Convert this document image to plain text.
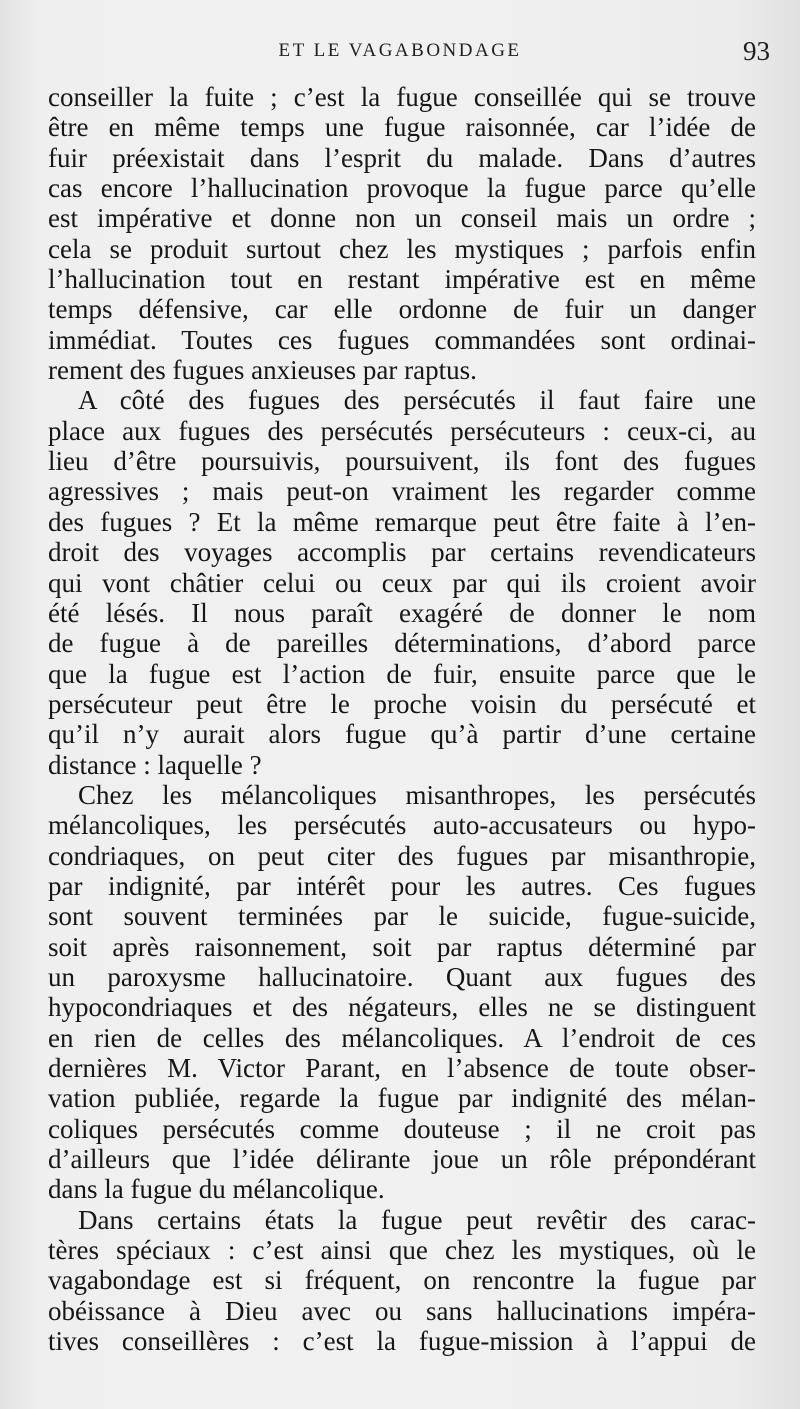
ET LE VAGABONDAGE	93

conseiller la fuite ; c’est la fugue conseillée qui se trouve
être en même temps une fugue raisonnée, car l’idée de
fuir préexistait dans l’esprit du malade. Dans d’autres
cas encore l’hallucination provoque la fugue parce qu’elle
est impérative et donne non un conseil mais un ordre ;
cela se produit surtout chez les mystiques ; parfois enfin
l’hallucination tout en restant impérative est en même
temps défensive, car elle ordonne de fuir un danger
immédiat. Toutes ces fugues commandées sont ordinai-
rement des fugues anxieuses par raptus.

A côté des fugues des persécutés il faut faire une
place aux fugues des persécutés persécuteurs : ceux-ci, au
lieu d’être poursuivis, poursuivent, ils font des fugues
agressives ; mais peut-on vraiment les regarder comme
des fugues ? Et la même remarque peut être faite à l’en-
droit des voyages accomplis par certains revendicateurs
qui vont châtier celui ou ceux par qui ils croient avoir
été lésés. Il nous paraît exagéré de donner le nom
de fugue à de pareilles déterminations, d’abord parce
que la fugue est l’action de fuir, ensuite parce que le
persécuteur peut être le proche voisin du persécuté et
qu’il n’y aurait alors fugue qu’à partir d’une certaine
distance : laquelle ?

Chez les mélancoliques misanthropes, les persécutés
mélancoliques, les persécutés auto-accusateurs ou hypo-
condriaques, on peut citer des fugues par misanthropie,
par indignité, par intérêt pour les autres. Ces fugues
sont souvent terminées par le suicide, fugue-suicide,
soit après raisonnement, soit par raptus déterminé par
un paroxysme hallucinatoire. Quant aux fugues des
hypocondriaques et des négateurs, elles ne se distinguent
en rien de celles des mélancoliques. A l’endroit de ces
dernières M. Victor Parant, en l’absence de toute obser-
vation publiée, regarde la fugue par indignité des mélan-
coliques persécutés comme douteuse ; il ne croit pas
d’ailleurs que l’idée délirante joue un rôle prépondérant
dans la fugue du mélancolique.

Dans certains états la fugue peut revêtir des carac-
tères spéciaux : c’est ainsi que chez les mystiques, où le
vagabondage est si fréquent, on rencontre la fugue par
obéissance à Dieu avec ou sans hallucinations impéra-
tives conseillères : c’est la fugue-mission à l’appui de
